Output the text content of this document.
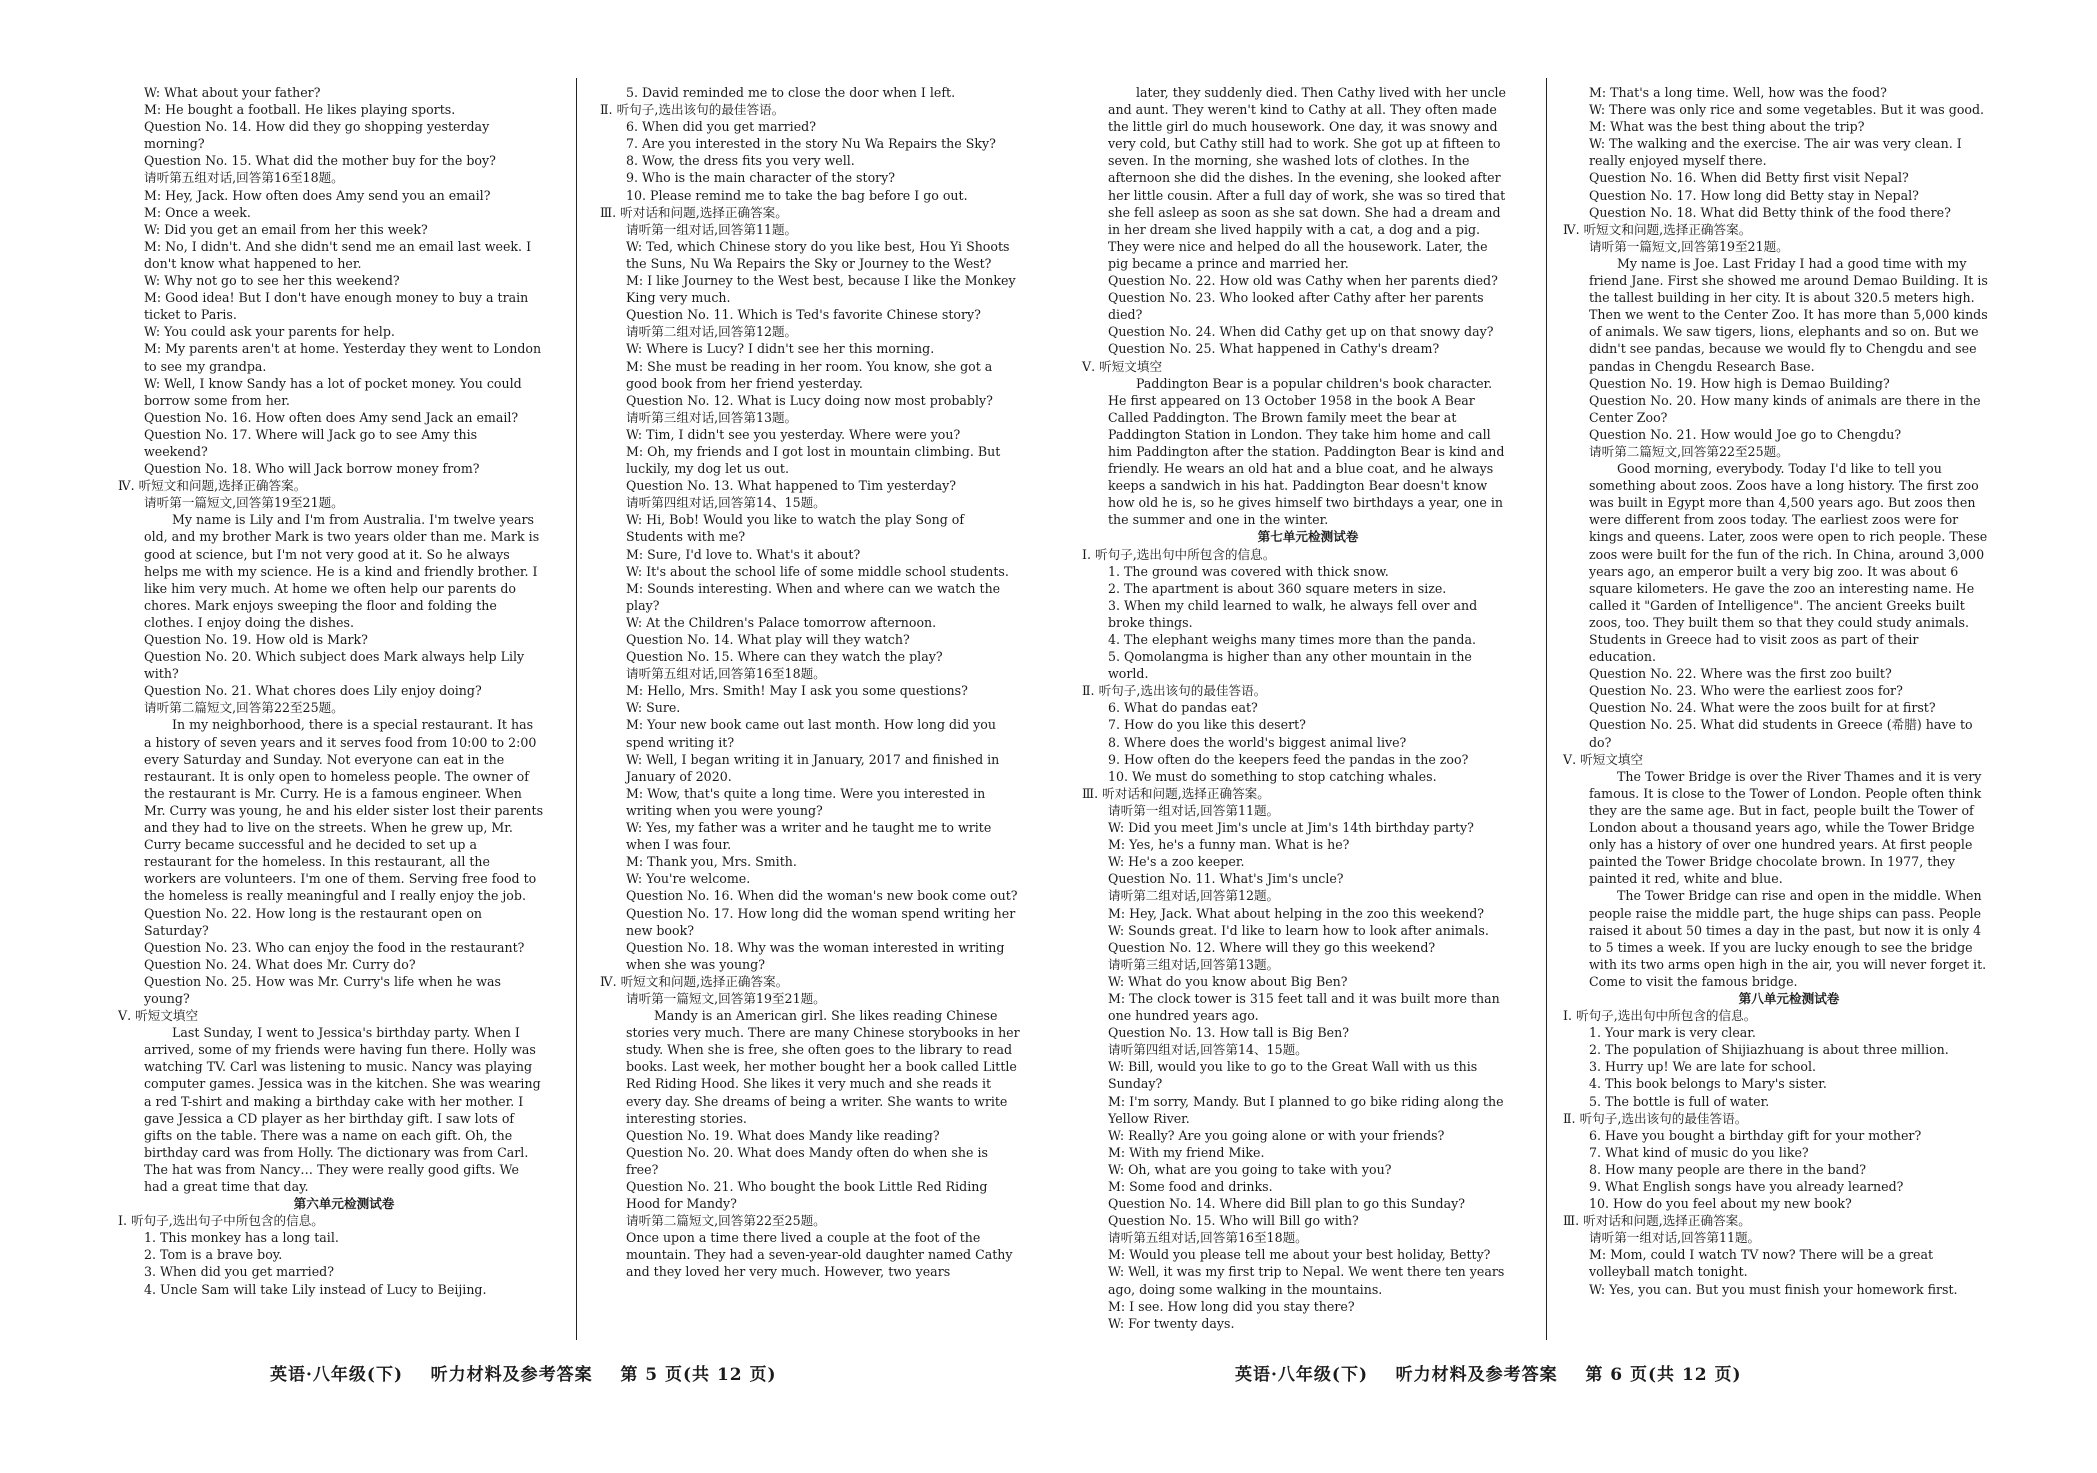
W: What about your father?
M: He bought a football. He likes playing sports.
Question No. 14. How did they go shopping yesterday morning?
Question No. 15. What did the mother buy for the boy?
请听第五组对话,回答第16至18题。
M: Hey, Jack. How often does Amy send you an email?
M: Once a week.
W: Did you get an email from her this week?
M: No, I didn't. And she didn't send me an email last week. I don't know what happened to her.
W: Why not go to see her this weekend?
M: Good idea! But I don't have enough money to buy a train ticket to Paris.
W: You could ask your parents for help.
M: My parents aren't at home. Yesterday they went to London to see my grandpa.
W: Well, I know Sandy has a lot of pocket money. You could borrow some from her.
Question No. 16. How often does Amy send Jack an email?
Question No. 17. Where will Jack go to see Amy this weekend?
Question No. 18. Who will Jack borrow money from?
Ⅳ. 听短文和问题,选择正确答案。
请听第一篇短文,回答第19至21题。
My name is Lily and I'm from Australia. I'm twelve years old, and my brother Mark is two years older than me. Mark is good at science, but I'm not very good at it. So he always helps me with my science. He is a kind and friendly brother. I like him very much. At home we often help our parents do chores. Mark enjoys sweeping the floor and folding the clothes. I enjoy doing the dishes.
Question No. 19. How old is Mark?
Question No. 20. Which subject does Mark always help Lily with?
Question No. 21. What chores does Lily enjoy doing?
请听第二篇短文,回答第22至25题。
In my neighborhood, there is a special restaurant. It has a history of seven years and it serves food from 10:00 to 2:00 every Saturday and Sunday. Not everyone can eat in the restaurant. It is only open to homeless people. The owner of the restaurant is Mr. Curry. He is a famous engineer. When Mr. Curry was young, he and his elder sister lost their parents and they had to live on the streets. When he grew up, Mr. Curry became successful and he decided to set up a restaurant for the homeless. In this restaurant, all the workers are volunteers. I'm one of them. Serving free food to the homeless is really meaningful and I really enjoy the job.
Question No. 22. How long is the restaurant open on Saturday?
Question No. 23. Who can enjoy the food in the restaurant?
Question No. 24. What does Mr. Curry do?
Question No. 25. How was Mr. Curry's life when he was young?
Ⅴ. 听短文填空
Last Sunday, I went to Jessica's birthday party. When I arrived, some of my friends were having fun there. Holly was watching TV. Carl was listening to music. Nancy was playing computer games. Jessica was in the kitchen. She was wearing a red T-shirt and making a birthday cake with her mother. I gave Jessica a CD player as her birthday gift. I saw lots of gifts on the table. There was a name on each gift. Oh, the birthday card was from Holly. The dictionary was from Carl. The hat was from Nancy… They were really good gifts. We had a great time that day.
第六单元检测试卷
Ⅰ. 听句子,选出句子中所包含的信息。
1. This monkey has a long tail.
2. Tom is a brave boy.
3. When did you get married?
4. Uncle Sam will take Lily instead of Lucy to Beijing.
5. David reminded me to close the door when I left.
Ⅱ. 听句子,选出该句的最佳答语。
6. When did you get married?
7. Are you interested in the story Nu Wa Repairs the Sky?
8. Wow, the dress fits you very well.
9. Who is the main character of the story?
10. Please remind me to take the bag before I go out.
Ⅲ. 听对话和问题,选择正确答案。
请听第一组对话,回答第11题。
W: Ted, which Chinese story do you like best, Hou Yi Shoots the Suns, Nu Wa Repairs the Sky or Journey to the West?
M: I like Journey to the West best, because I like the Monkey King very much.
Question No. 11. Which is Ted's favorite Chinese story?
请听第二组对话,回答第12题。
W: Where is Lucy? I didn't see her this morning.
M: She must be reading in her room. You know, she got a good book from her friend yesterday.
Question No. 12. What is Lucy doing now most probably?
请听第三组对话,回答第13题。
W: Tim, I didn't see you yesterday. Where were you?
M: Oh, my friends and I got lost in mountain climbing. But luckily, my dog let us out.
Question No. 13. What happened to Tim yesterday?
请听第四组对话,回答第14、15题。
W: Hi, Bob! Would you like to watch the play Song of Students with me?
M: Sure, I'd love to. What's it about?
W: It's about the school life of some middle school students.
M: Sounds interesting. When and where can we watch the play?
W: At the Children's Palace tomorrow afternoon.
Question No. 14. What play will they watch?
Question No. 15. Where can they watch the play?
请听第五组对话,回答第16至18题。
M: Hello, Mrs. Smith! May I ask you some questions?
W: Sure.
M: Your new book came out last month. How long did you spend writing it?
W: Well, I began writing it in January, 2017 and finished in January of 2020.
M: Wow, that's quite a long time. Were you interested in writing when you were young?
W: Yes, my father was a writer and he taught me to write when I was four.
M: Thank you, Mrs. Smith.
W: You're welcome.
Question No. 16. When did the woman's new book come out?
Question No. 17. How long did the woman spend writing her new book?
Question No. 18. Why was the woman interested in writing when she was young?
Ⅳ. 听短文和问题,选择正确答案。
请听第一篇短文,回答第19至21题。
Mandy is an American girl. She likes reading Chinese stories very much. There are many Chinese storybooks in her study. When she is free, she often goes to the library to read books. Last week, her mother bought her a book called Little Red Riding Hood. She likes it very much and she reads it every day. She dreams of being a writer. She wants to write interesting stories.
Question No. 19. What does Mandy like reading?
Question No. 20. What does Mandy often do when she is free?
Question No. 21. Who bought the book Little Red Riding Hood for Mandy?
请听第二篇短文,回答第22至25题。
Once upon a time there lived a couple at the foot of the mountain. They had a seven-year-old daughter named Cathy and they loved her very much. However, two years
later, they suddenly died. Then Cathy lived with her uncle and aunt. They weren't kind to Cathy at all. They often made the little girl do much housework. One day, it was snowy and very cold, but Cathy still had to work. She got up at fifteen to seven. In the morning, she washed lots of clothes. In the afternoon she did the dishes. In the evening, she looked after her little cousin. After a full day of work, she was so tired that she fell asleep as soon as she sat down. She had a dream and in her dream she lived happily with a cat, a dog and a pig. They were nice and helped do all the housework. Later, the pig became a prince and married her.
Question No. 22. How old was Cathy when her parents died?
Question No. 23. Who looked after Cathy after her parents died?
Question No. 24. When did Cathy get up on that snowy day?
Question No. 25. What happened in Cathy's dream?
Ⅴ. 听短文填空
Paddington Bear is a popular children's book character. He first appeared on 13 October 1958 in the book A Bear Called Paddington. The Brown family meet the bear at Paddington Station in London. They take him home and call him Paddington after the station. Paddington Bear is kind and friendly. He wears an old hat and a blue coat, and he always keeps a sandwich in his hat. Paddington Bear doesn't know how old he is, so he gives himself two birthdays a year, one in the summer and one in the winter.
第七单元检测试卷
Ⅰ. 听句子,选出句中所包含的信息。
1. The ground was covered with thick snow.
2. The apartment is about 360 square meters in size.
3. When my child learned to walk, he always fell over and broke things.
4. The elephant weighs many times more than the panda.
5. Qomolangma is higher than any other mountain in the world.
Ⅱ. 听句子,选出该句的最佳答语。
6. What do pandas eat?
7. How do you like this desert?
8. Where does the world's biggest animal live?
9. How often do the keepers feed the pandas in the zoo?
10. We must do something to stop catching whales.
Ⅲ. 听对话和问题,选择正确答案。
请听第一组对话,回答第11题。
W: Did you meet Jim's uncle at Jim's 14th birthday party?
M: Yes, he's a funny man. What is he?
W: He's a zoo keeper.
Question No. 11. What's Jim's uncle?
请听第二组对话,回答第12题。
M: Hey, Jack. What about helping in the zoo this weekend?
W: Sounds great. I'd like to learn how to look after animals.
Question No. 12. Where will they go this weekend?
请听第三组对话,回答第13题。
W: What do you know about Big Ben?
M: The clock tower is 315 feet tall and it was built more than one hundred years ago.
Question No. 13. How tall is Big Ben?
请听第四组对话,回答第14、15题。
W: Bill, would you like to go to the Great Wall with us this Sunday?
M: I'm sorry, Mandy. But I planned to go bike riding along the Yellow River.
W: Really? Are you going alone or with your friends?
M: With my friend Mike.
W: Oh, what are you going to take with you?
M: Some food and drinks.
Question No. 14. Where did Bill plan to go this Sunday?
Question No. 15. Who will Bill go with?
请听第五组对话,回答第16至18题。
M: Would you please tell me about your best holiday, Betty?
W: Well, it was my first trip to Nepal. We went there ten years ago, doing some walking in the mountains.
M: I see. How long did you stay there?
W: For twenty days.
M: That's a long time. Well, how was the food?
W: There was only rice and some vegetables. But it was good.
M: What was the best thing about the trip?
W: The walking and the exercise. The air was very clean. I really enjoyed myself there.
Question No. 16. When did Betty first visit Nepal?
Question No. 17. How long did Betty stay in Nepal?
Question No. 18. What did Betty think of the food there?
Ⅳ. 听短文和问题,选择正确答案。
请听第一篇短文,回答第19至21题。
My name is Joe. Last Friday I had a good time with my friend Jane. First she showed me around Demao Building. It is the tallest building in her city. It is about 320.5 meters high. Then we went to the Center Zoo. It has more than 5,000 kinds of animals. We saw tigers, lions, elephants and so on. But we didn't see pandas, because we would fly to Chengdu and see pandas in Chengdu Research Base.
Question No. 19. How high is Demao Building?
Question No. 20. How many kinds of animals are there in the Center Zoo?
Question No. 21. How would Joe go to Chengdu?
请听第二篇短文,回答第22至25题。
Good morning, everybody. Today I'd like to tell you something about zoos. Zoos have a long history. The first zoo was built in Egypt more than 4,500 years ago. But zoos then were different from zoos today. The earliest zoos were for kings and queens. Later, zoos were open to rich people. These zoos were built for the fun of the rich. In China, around 3,000 years ago, an emperor built a very big zoo. It was about 6 square kilometers. He gave the zoo an interesting name. He called it "Garden of Intelligence". The ancient Greeks built zoos, too. They built them so that they could study animals. Students in Greece had to visit zoos as part of their education.
Question No. 22. Where was the first zoo built?
Question No. 23. Who were the earliest zoos for?
Question No. 24. What were the zoos built for at first?
Question No. 25. What did students in Greece (希腊) have to do?
Ⅴ. 听短文填空
The Tower Bridge is over the River Thames and it is very famous. It is close to the Tower of London. People often think they are the same age. But in fact, people built the Tower of London about a thousand years ago, while the Tower Bridge only has a history of over one hundred years. At first people painted the Tower Bridge chocolate brown. In 1977, they painted it red, white and blue.
The Tower Bridge can rise and open in the middle. When people raise the middle part, the huge ships can pass. People raised it about 50 times a day in the past, but now it is only 4 to 5 times a week. If you are lucky enough to see the bridge with its two arms open high in the air, you will never forget it. Come to visit the famous bridge.
第八单元检测试卷
Ⅰ. 听句子,选出句中所包含的信息。
1. Your mark is very clear.
2. The population of Shijiazhuang is about three million.
3. Hurry up! We are late for school.
4. This book belongs to Mary's sister.
5. The bottle is full of water.
Ⅱ. 听句子,选出该句的最佳答语。
6. Have you bought a birthday gift for your mother?
7. What kind of music do you like?
8. How many people are there in the band?
9. What English songs have you already learned?
10. How do you feel about my new book?
Ⅲ. 听对话和问题,选择正确答案。
请听第一组对话,回答第11题。
M: Mom, could I watch TV now? There will be a great volleyball match tonight.
W: Yes, you can. But you must finish your homework first.
英语·八年级(下)    听力材料及参考答案    第 5 页(共 12 页)	英语·八年级(下)    听力材料及参考答案    第 6 页(共 12 页)
